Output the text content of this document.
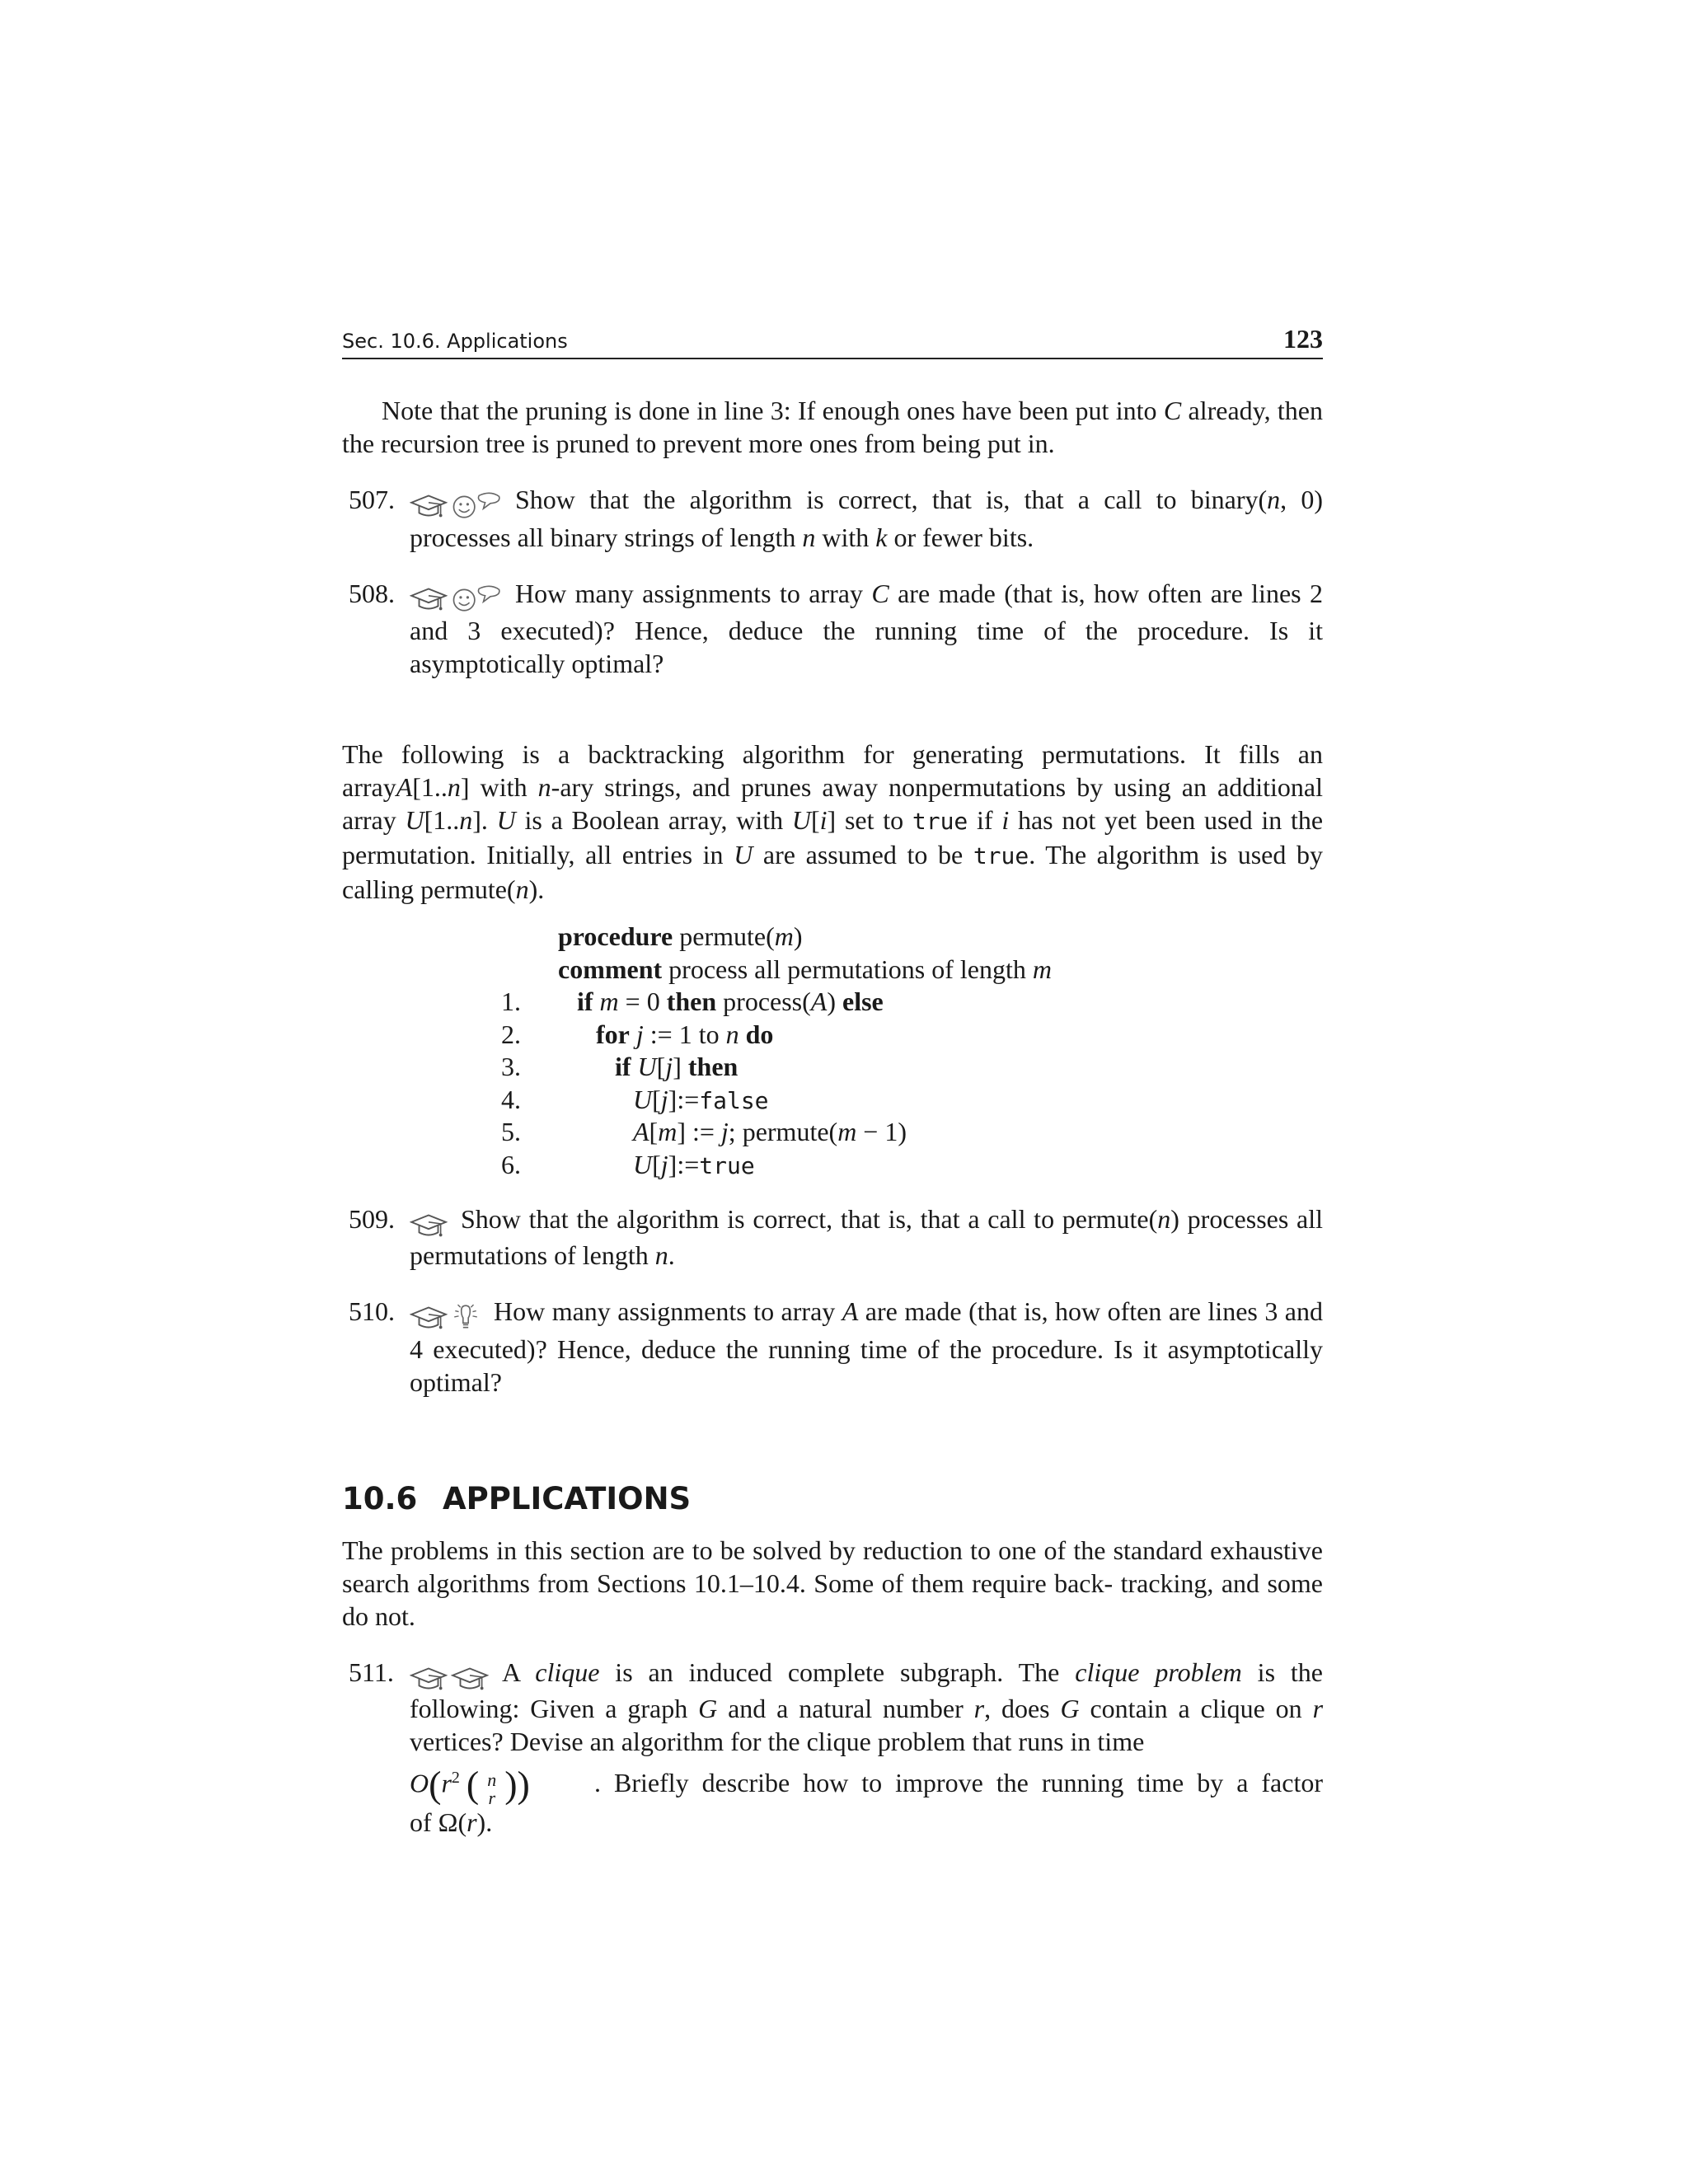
Sec. 10.6. Applications	123

Note that the pruning is done in line 3: If enough ones have been put into C already, then the recursion tree is pruned to prevent more ones from being put in.

507.	Show that the algorithm is correct, that is, that a call to binary(n, 0) processes all binary strings of length n with k or fewer bits.

508.	How many assignments to array C are made (that is, how often are lines 2 and 3 executed)? Hence, deduce the running time of the procedure. Is it asymptotically optimal?

The following is a backtracking algorithm for generating permutations. It fills an arrayA[1..n] with n-ary strings, and prunes away nonpermutations by using an additional array U[1..n]. U is a Boolean array, with U[i] set to true if i has not yet been used in the permutation. Initially, all entries in U are assumed to be true. The algorithm is used by calling permute(n).

procedure permute(m)
comment process all permutations of length m
1. if m = 0 then process(A) else
2.	for j := 1 to n do
3.	if U[j] then
4.	U[j]:=false
5.	A[m] := j; permute(m − 1)
6.	U[j]:=true
509.	Show that the algorithm is correct, that is, that a call to permute(n) processes all permutations of length n.

510.	How many assignments to array A are made (that is, how often are lines 3 and 4 executed)? Hence, deduce the running time of the procedure. Is it asymptotically optimal?

10.6 APPLICATIONS

The problems in this section are to be solved by reduction to one of the standard exhaustive search algorithms from Sections 10.1–10.4. Some of them require back- tracking, and some do not.

511.	A clique is an induced complete subgraph. The clique problem is the following: Given a graph G and a natural number r, does G contain a clique on r vertices? Devise an algorithm for the clique problem that runs in time

$O(r^2$ ( n
r )) . Briefly describe how to improve the running time by a factor

of Ω(r).
